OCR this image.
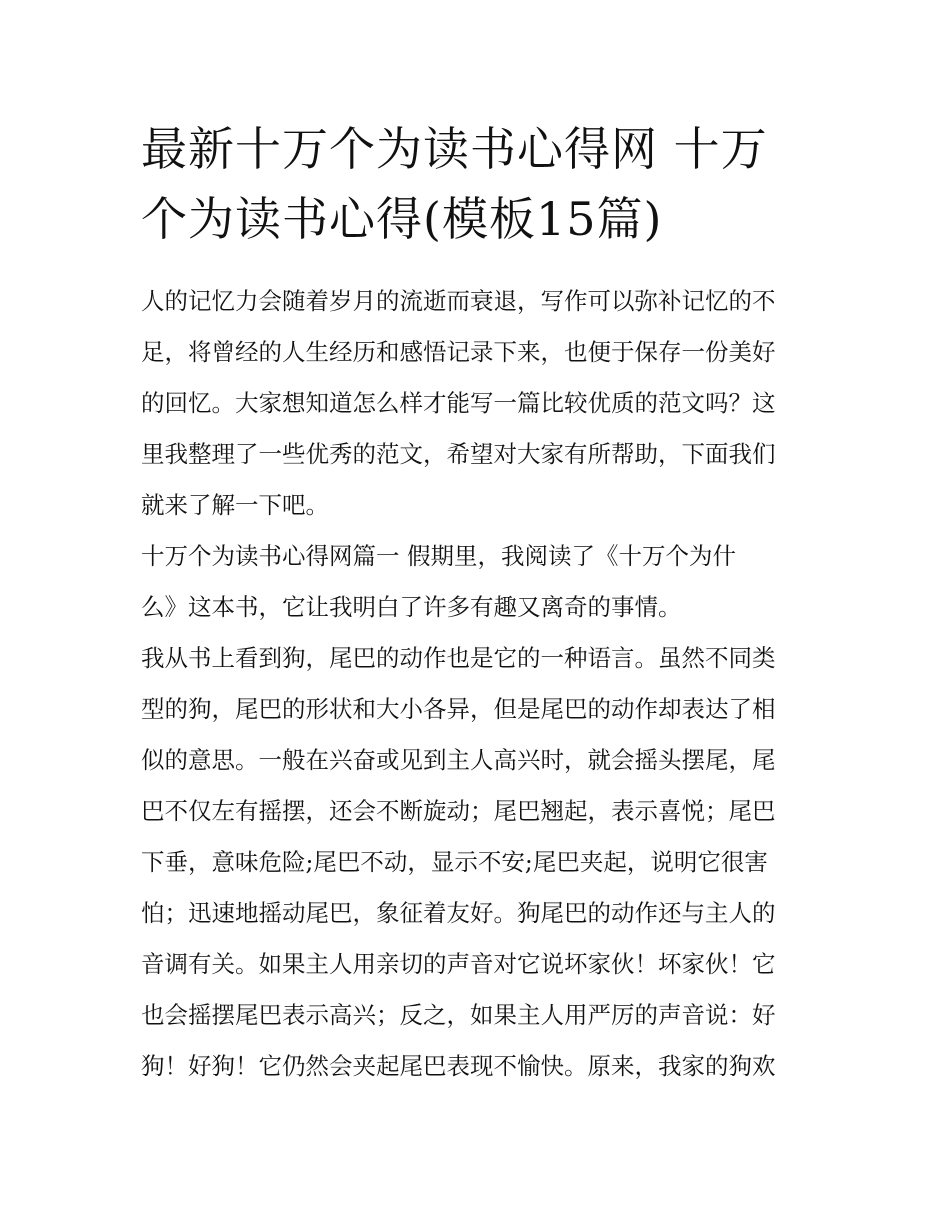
最新十万个为读书心得网 十万
个为读书心得(模板15篇)
人的记忆力会随着岁月的流逝而衰退，写作可以弥补记忆的不
足，将曾经的人生经历和感悟记录下来，也便于保存一份美好
的回忆。大家想知道怎么样才能写一篇比较优质的范文吗？这
里我整理了一些优秀的范文，希望对大家有所帮助，下面我们
就来了解一下吧。
十万个为读书心得网篇一 假期里，我阅读了《十万个为什
么》这本书，它让我明白了许多有趣又离奇的事情。
我从书上看到狗，尾巴的动作也是它的一种语言。虽然不同类
型的狗，尾巴的形状和大小各异，但是尾巴的动作却表达了相
似的意思。一般在兴奋或见到主人高兴时，就会摇头摆尾，尾
巴不仅左有摇摆，还会不断旋动；尾巴翘起，表示喜悦；尾巴
下垂，意味危险;尾巴不动，显示不安;尾巴夹起，说明它很害
怕；迅速地摇动尾巴，象征着友好。狗尾巴的动作还与主人的
音调有关。如果主人用亲切的声音对它说坏家伙！坏家伙！它
也会摇摆尾巴表示高兴；反之，如果主人用严厉的声音说：好
狗！好狗！它仍然会夹起尾巴表现不愉快。原来，我家的狗欢
